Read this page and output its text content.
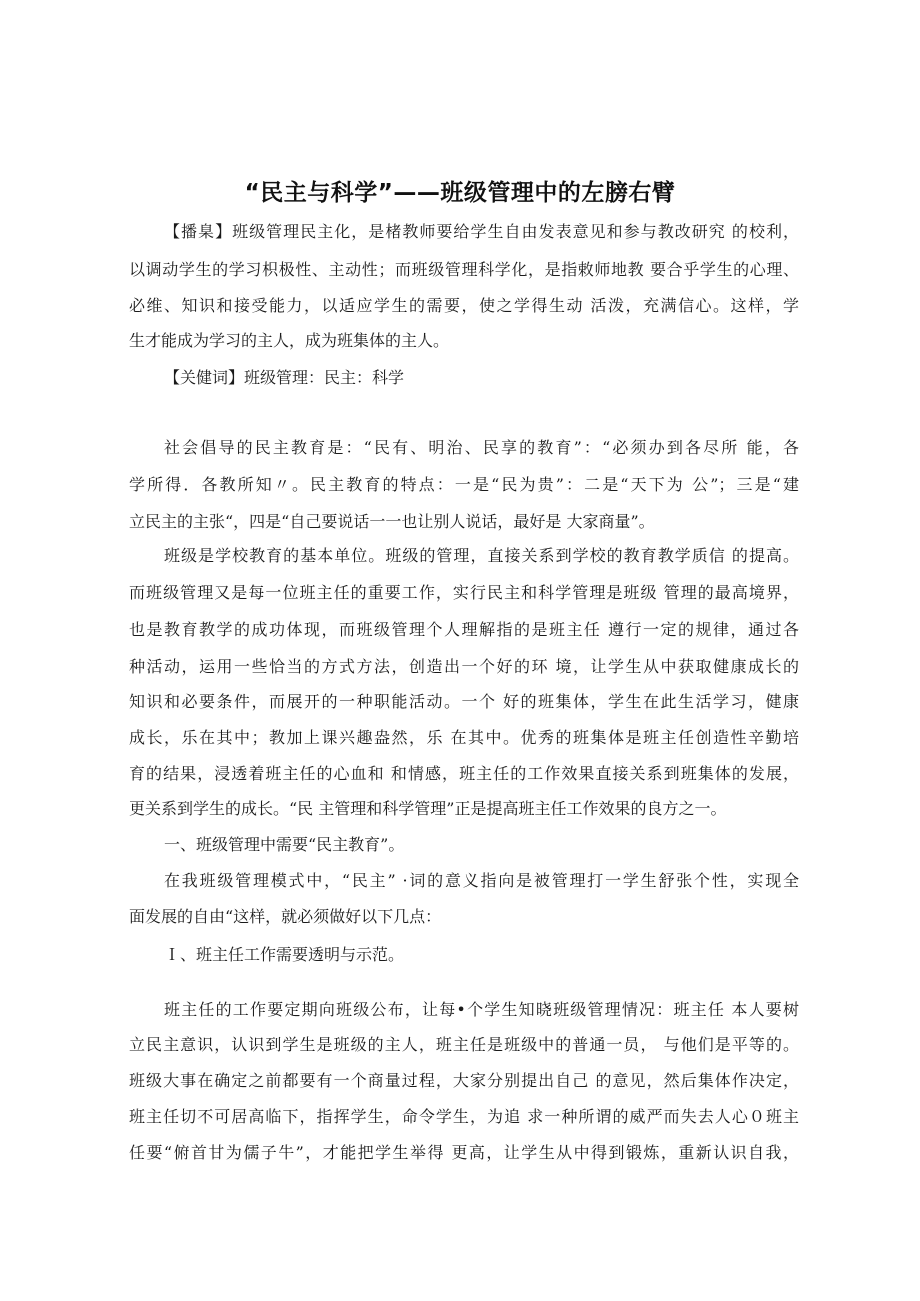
“民主与科学”——班级管理中的左膀右臂
【播臬】班级管理民主化，是楮教师要给学生自由发表意见和参与教改研究 的校利，
以调动学生的学习枳极性、主动性；而班级管理科学化，是指敕师地教 要合乎学生的心理、
必维、知识和接受能力，以适应学生的需要，使之学得生动 活泼，充满信心。这样，学
生才能成为学习的主人，成为班集体的主人。
【关健词】班级管理：民主：科学
社会倡导的民主教育是：“民有、明治、民享的教育”：“必须办到各尽所 能，各
学所得．各教所知〃。民主教育的特点：一是“民为贵”：二是“天下为 公”；三是“建
立民主的主张“，四是“自己要说话一一也让别人说话，最好是 大家商量”。
班级是学校教育的基本单位。班级的管理，直接关系到学校的教育教学质信 的提高。
而班级管理又是每一位班主任的重要工作，实行民主和科学管理是班级 管理的最高境界，
也是教育教学的成功体现，而班级管理个人理解指的是班主任 遵行一定的规律，通过各
种活动，运用一些恰当的方式方法，创造出一个好的环 境，让学生从中获取健康成长的
知识和必要条件，而展开的一种职能活动。一个 好的班集体，学生在此生活学习，健康
成长，乐在其中；教加上课兴趣盎然，乐 在其中。优秀的班集体是班主任创造性辛勤培
育的结果，浸透着班主任的心血和 和情感，班主任的工作效果直接关系到班集体的发展，
更关系到学生的成长。“民 主管理和科学管理”正是提高班主任工作效果的良方之一。
一、班级管理中需要“民主教育”。
在我班级管理模式中，“民主” ·词的意义指向是被管理打一学生舒张个性，实现全
面发展的自由“这样，就必须做好以下几点：
Ｉ、班主任工作需要透明与示范。
班主任的工作要定期向班级公布，让每•个学生知晓班级管理情况：班主任 本人要树
立民主意识，认识到学生是班级的主人，班主任是班级中的普通一员， 与他们是平等的。
班级大事在确定之前都要有一个商量过程，大家分别提出自己 的意见，然后集体作决定，
班主任切不可居高临下，指挥学生，命令学生，为追 求一种所谓的威严而失去人心０班主
任要“俯首甘为儒子牛”，才能把学生举得 更高，让学生从中得到锻炼，重新认识自我，
